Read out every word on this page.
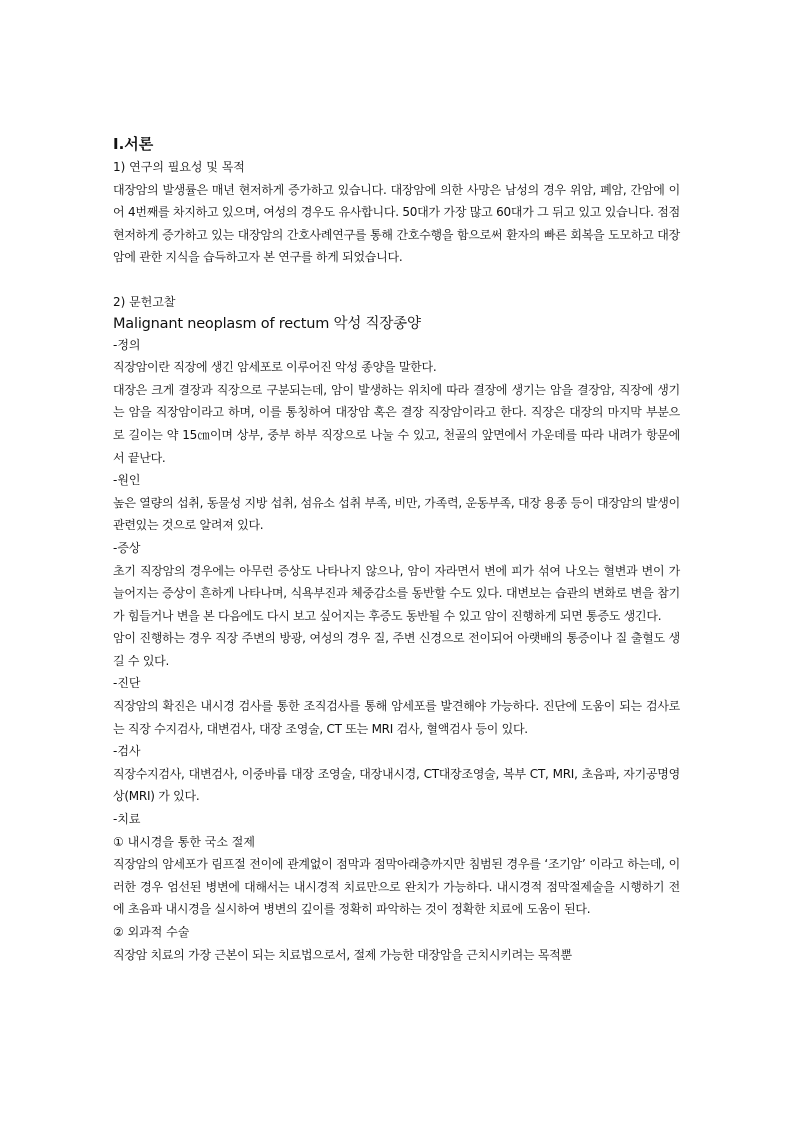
Ⅰ.서론
1) 연구의 필요성 및 목적

대장암의 발생률은 매년 현저하게 증가하고 있습니다. 대장암에 의한 사망은 남성의 경우 위암, 폐암, 간암에 이어 4번째를 차지하고 있으며, 여성의 경우도 유사합니다. 50대가 가장 많고 60대가 그 뒤고 있고 있습니다. 점점 현저하게 증가하고 있는 대장암의 간호사례연구를 통해 간호수행을 함으로써 환자의 빠른 회복을 도모하고 대장암에 관한 지식을 습득하고자 본 연구를 하게 되었습니다.

2) 문헌고찰
Malignant neoplasm of rectum 악성 직장종양
-정의

직장암이란 직장에 생긴 암세포로 이루어진 악성 종양을 말한다.

대장은 크게 결장과 직장으로 구분되는데, 암이 발생하는 위치에 따라 결장에 생기는 암을 결장암, 직장에 생기는 암을 직장암이라고 하며, 이를 통칭하여 대장암 혹은 결장 직장암이라고 한다. 직장은 대장의 마지막 부분으로 길이는 약 15㎝이며 상부, 중부 하부 직장으로 나눌 수 있고, 천골의 앞면에서 가운데를 따라 내려가 항문에서 끝난다.

-원인

높은 열량의 섭취, 동물성 지방 섭취, 섬유소 섭취 부족, 비만, 가족력, 운동부족, 대장 용종 등이 대장암의 발생이 관련있는 것으로 알려져 있다.

-증상

초기 직장암의 경우에는 아무런 증상도 나타나지 않으나, 암이 자라면서 변에 피가 섞여 나오는 혈변과 변이 가늘어지는 증상이 흔하게 나타나며, 식욕부진과 체중감소를 동반할 수도 있다. 대변보는 습관의 변화로 변을 참기가 힘들거나 변을 본 다음에도 다시 보고 싶어지는 후증도 동반될 수 있고 암이 진행하게 되면 통증도 생긴다.

암이 진행하는 경우 직장 주변의 방광, 여성의 경우 질, 주변 신경으로 전이되어 아랫배의 통증이나 질 출혈도 생길 수 있다.

-진단

직장암의 확진은 내시경 검사를 통한 조직검사를 통해 암세포를 발견해야 가능하다. 진단에 도움이 되는 검사로는 직장 수지검사, 대변검사, 대장 조영술, CT 또는 MRI 검사, 혈액검사 등이 있다.

-검사

직장수지검사, 대변검사, 이중바륨 대장 조영술, 대장내시경, CT대장조영술, 복부 CT, MRI, 초음파, 자기공명영상(MRI) 가 있다.

-치료
① 내시경을 통한 국소 절제

직장암의 암세포가 림프절 전이에 관계없이 점막과 점막아래층까지만 침범된 경우를 ‘조기암’ 이라고 하는데, 이러한 경우 엄선된 병변에 대해서는 내시경적 치료만으로 완치가 가능하다. 내시경적 점막절제술을 시행하기 전에 초음파 내시경을 실시하여 병변의 깊이를 정확히 파악하는 것이 정확한 치료에 도움이 된다.

② 외과적 수술

직장암 치료의 가장 근본이 되는 치료법으로서, 절제 가능한 대장암을 근치시키려는 목적뿐
